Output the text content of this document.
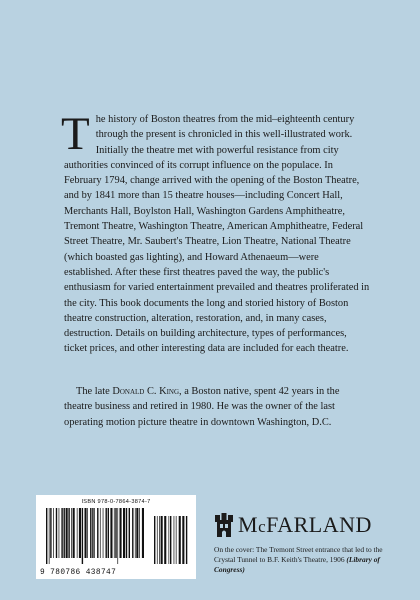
The history of Boston theatres from the mid–eighteenth century through the present is chronicled in this well-illustrated work. Initially the theatre met with powerful resistance from city authorities convinced of its corrupt influence on the populace. In February 1794, change arrived with the opening of the Boston Theatre, and by 1841 more than 15 theatre houses—including Concert Hall, Merchants Hall, Boylston Hall, Washington Gardens Amphitheatre, Tremont Theatre, Washington Theatre, American Amphitheatre, Federal Street Theatre, Mr. Saubert's Theatre, Lion Theatre, National Theatre (which boasted gas lighting), and Howard Athenaeum—were established. After these first theatres paved the way, the public's enthusiasm for varied entertainment prevailed and theatres proliferated in the city. This book documents the long and storied history of Boston theatre construction, alteration, restoration, and, in many cases, destruction. Details on building architecture, types of performances, ticket prices, and other interesting data are included for each theatre.

The late Donald C. King, a Boston native, spent 42 years in the theatre business and retired in 1980. He was the owner of the last operating motion picture theatre in downtown Washington, D.C.

ISBN 978-0-7864-3874-7
9 780786 438747
McFARLAND

On the cover: The Tremont Street entrance that led to the Crystal Tunnel to B.F. Keith's Theatre, 1906 (Library of Congress)
